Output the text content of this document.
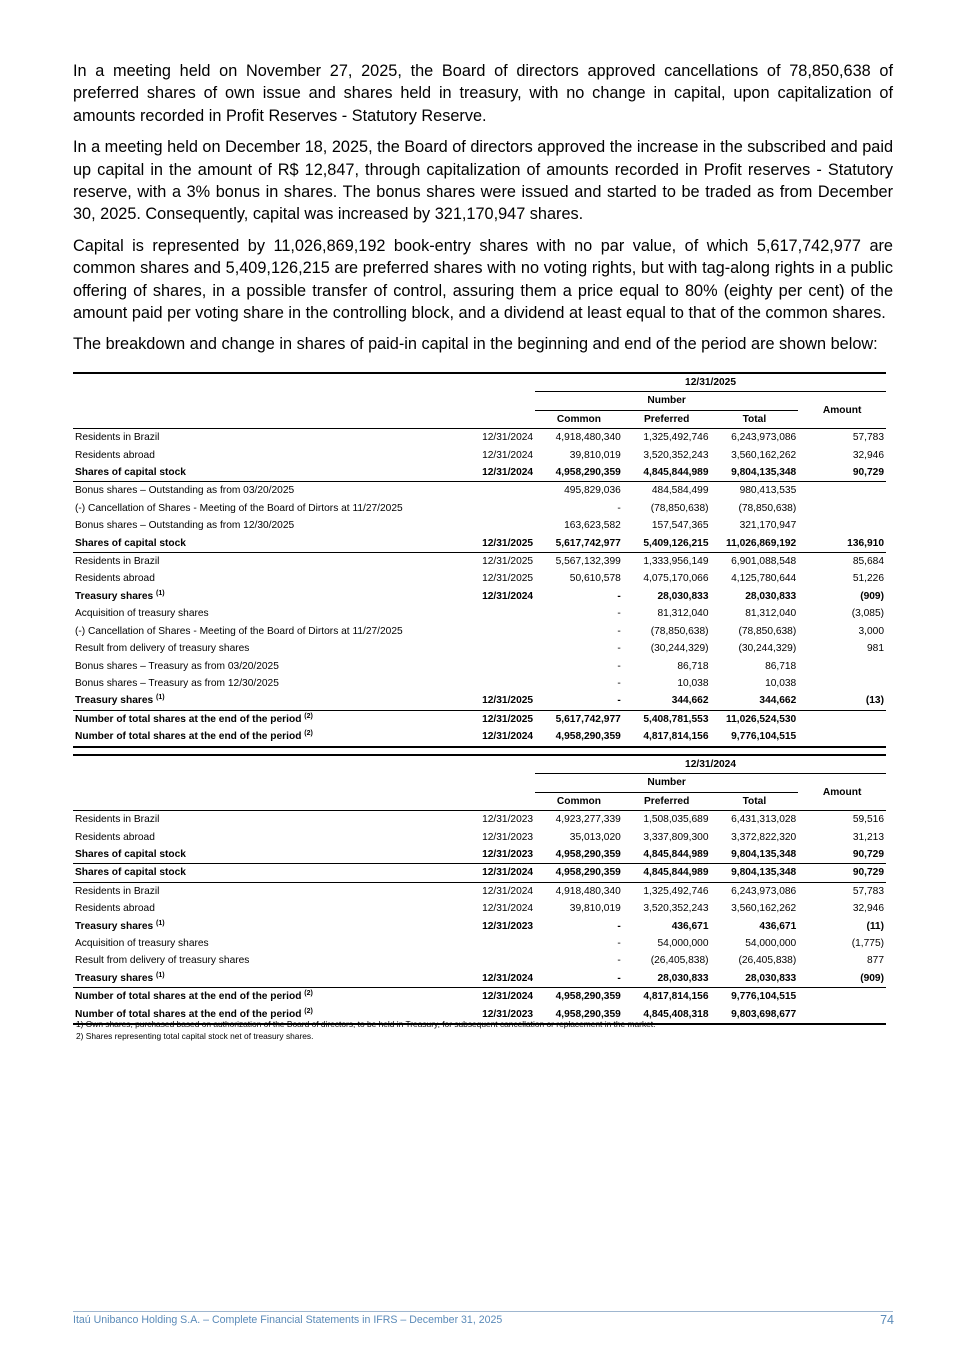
In a meeting held on November 27, 2025, the Board of directors approved cancellations of 78,850,638 of preferred shares of own issue and shares held in treasury, with no change in capital, upon capitalization of amounts recorded in Profit Reserves - Statutory Reserve.

In a meeting held on December 18, 2025, the Board of directors approved the increase in the subscribed and paid up capital in the amount of R$ 12,847, through capitalization of amounts recorded in Profit reserves - Statutory reserve, with a 3% bonus in shares. The bonus shares were issued and started to be traded as from December 30, 2025. Consequently, capital was increased by 321,170,947 shares.

Capital is represented by 11,026,869,192 book-entry shares with no par value, of which 5,617,742,977 are common shares and 5,409,126,215 are preferred shares with no voting rights, but with tag-along rights in a public offering of shares, in a possible transfer of control, assuring them a price equal to 80% (eighty per cent) of the amount paid per voting share in the controlling block, and a dividend at least equal to that of the common shares.

The breakdown and change in shares of paid-in capital in the beginning and end of the period are shown below:

		12/31/2025			
		Number			Amount
		Common	Preferred	Total	
Residents in Brazil	12/31/2024	4,918,480,340	1,325,492,746	6,243,973,086	57,783
Residents abroad	12/31/2024	39,810,019	3,520,352,243	3,560,162,262	32,946
Shares of capital stock	12/31/2024	4,958,290,359	4,845,844,989	9,804,135,348	90,729
Bonus shares – Outstanding as from 03/20/2025		495,829,036	484,584,499	980,413,535	
(-) Cancellation of Shares - Meeting of the Board of Dirtors at 11/27/2025		-	(78,850,638)	(78,850,638)	
Bonus shares – Outstanding as from 12/30/2025		163,623,582	157,547,365	321,170,947	
Shares of capital stock	12/31/2025	5,617,742,977	5,409,126,215	11,026,869,192	136,910
Residents in Brazil	12/31/2025	5,567,132,399	1,333,956,149	6,901,088,548	85,684
Residents abroad	12/31/2025	50,610,578	4,075,170,066	4,125,780,644	51,226
Treasury shares $^{(1)}$	12/31/2024	-	28,030,833	28,030,833	(909)
Acquisition of treasury shares		-	81,312,040	81,312,040	(3,085)
(-) Cancellation of Shares - Meeting of the Board of Dirtors at 11/27/2025		-	(78,850,638)	(78,850,638)	3,000
Result from delivery of treasury shares		-	(30,244,329)	(30,244,329)	981
Bonus shares – Treasury as from 03/20/2025		-	86,718	86,718	
Bonus shares – Treasury as from 12/30/2025		-	10,038	10,038	
Treasury shares $^{(1)}$	12/31/2025	-	344,662	344,662	(13)
Number of total shares at the end of the period $^{(2)}$	12/31/2025	5,617,742,977	5,408,781,553	11,026,524,530	
Number of total shares at the end of the period $^{(2)}$	12/31/2024	4,958,290,359	4,817,814,156	9,776,104,515	
		12/31/2024			
		Number			Amount
		Common	Preferred	Total	
Residents in Brazil	12/31/2023	4,923,277,339	1,508,035,689	6,431,313,028	59,516
Residents abroad	12/31/2023	35,013,020	3,337,809,300	3,372,822,320	31,213
Shares of capital stock	12/31/2023	4,958,290,359	4,845,844,989	9,804,135,348	90,729
Shares of capital stock	12/31/2024	4,958,290,359	4,845,844,989	9,804,135,348	90,729
Residents in Brazil	12/31/2024	4,918,480,340	1,325,492,746	6,243,973,086	57,783
Residents abroad	12/31/2024	39,810,019	3,520,352,243	3,560,162,262	32,946
Treasury shares $^{(1)}$	12/31/2023	-	436,671	436,671	(11)
Acquisition of treasury shares		-	54,000,000	54,000,000	(1,775)
Result from delivery of treasury shares		-	(26,405,838)	(26,405,838)	877
Treasury shares $^{(1)}$	12/31/2024	-	28,030,833	28,030,833	(909)
Number of total shares at the end of the period $^{(2)}$	12/31/2024	4,958,290,359	4,817,814,156	9,776,104,515	
Number of total shares at the end of the period $^{(2)}$	12/31/2023	4,958,290,359	4,845,408,318	9,803,698,677	
1) Own shares, purchased based on authorization of the Board of directors, to be held in Treasury, for subsequent cancellation or replacement in the market.
2) Shares representing total capital stock net of treasury shares.
Itaú Unibanco Holding S.A. – Complete Financial Statements in IFRS – December 31, 2025	74
